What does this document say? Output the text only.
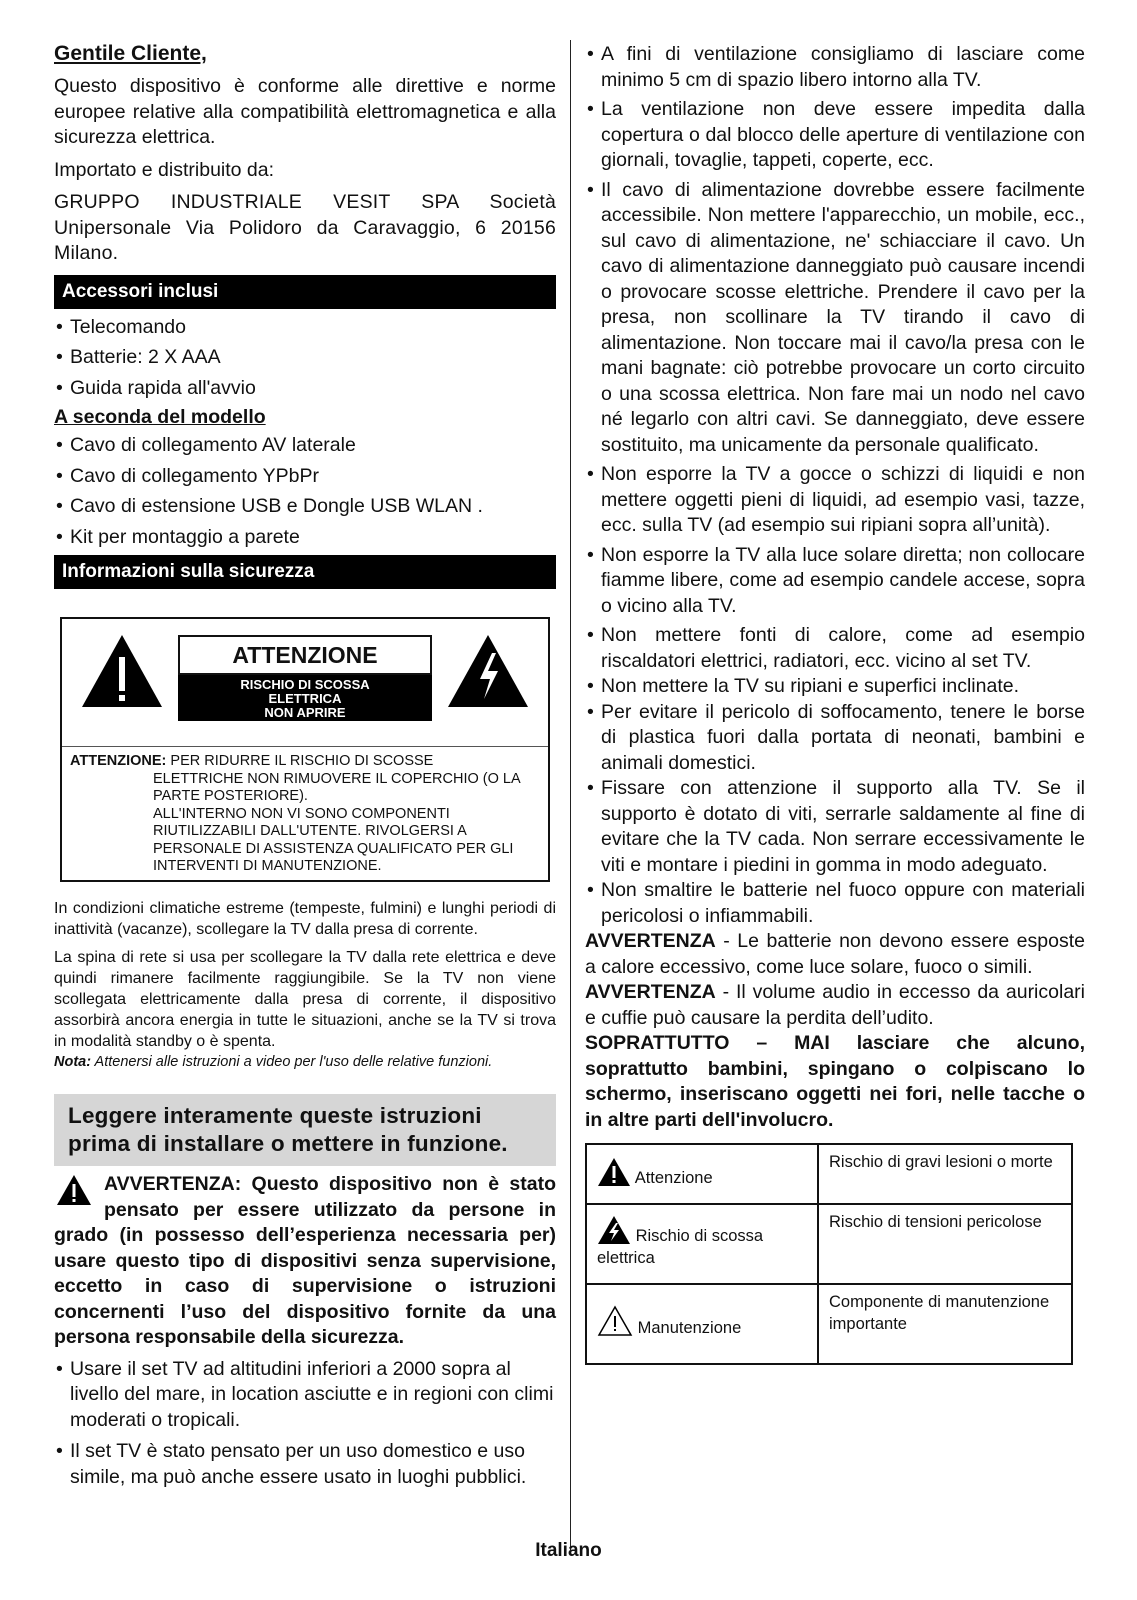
Gentile Cliente,

Questo dispositivo è conforme alle direttive e norme europee relative alla compatibilità elettromagnetica e alla sicurezza elettrica.

Importato e distribuito da:

GRUPPO INDUSTRIALE VESIT SPA Società Unipersonale Via Polidoro da Caravaggio, 6 20156 Milano.

Accessori inclusi
• Telecomando
• Batterie: 2 X AAA
• Guida rapida all'avvio
A seconda del modello
• Cavo di collegamento AV laterale
• Cavo di collegamento YPbPr
• Cavo di estensione USB e Dongle USB WLAN .
• Kit per montaggio a parete
Informazioni sulla sicurezza
ATTENZIONE
RISCHIO DI SCOSSA
ELETTRICA
NON APRIRE
ATTENZIONE: PER RIDURRE IL RISCHIO DI SCOSSE
ELETTRICHE NON RIMUOVERE IL COPERCHIO (O LA PARTE POSTERIORE).
ALL'INTERNO NON VI SONO COMPONENTI RIUTILIZZABILI DALL'UTENTE. RIVOLGERSI A PERSONALE DI ASSISTENZA QUALIFICATO PER GLI INTERVENTI DI MANUTENZIONE.

In condizioni climatiche estreme (tempeste, fulmini) e lunghi periodi di inattività (vacanze), scollegare la TV dalla presa di corrente.

La spina di rete si usa per scollegare la TV dalla rete elettrica e deve quindi rimanere facilmente raggiungibile. Se la TV non viene scollegata elettricamente dalla presa di corrente, il dispositivo assorbirà ancora energia in tutte le situazioni, anche se la TV si trova in modalità standby o è spenta.

Nota: Attenersi alle istruzioni a video per l'uso delle relative funzioni.

Leggere interamente queste istruzioni prima di installare o mettere in funzione.
AVVERTENZA: Questo dispositivo non è stato pensato per essere utilizzato da persone in grado (in possesso dell’esperienza necessaria per) usare questo tipo di dispositivi senza supervisione, eccetto in caso di supervisione o istruzioni concernenti l’uso del dispositivo fornite da una persona responsabile della sicurezza.
• Usare il set TV ad altitudini inferiori a 2000 sopra al livello del mare, in location asciutte e in regioni con climi moderati o tropicali.
• Il set TV è stato pensato per un uso domestico e uso simile, ma può anche essere usato in luoghi pubblici.
• A fini di ventilazione consigliamo di lasciare come minimo 5 cm di spazio libero intorno alla TV.
• La ventilazione non deve essere impedita dalla copertura o dal blocco delle aperture di ventilazione con giornali, tovaglie, tappeti, coperte, ecc.
• Il cavo di alimentazione dovrebbe essere facilmente accessibile. Non mettere l'apparecchio, un mobile, ecc., sul cavo di alimentazione, ne' schiacciare il cavo. Un cavo di alimentazione danneggiato può causare incendi o provocare scosse elettriche. Prendere il cavo per la presa, non scollinare la TV tirando il cavo di alimentazione. Non toccare mai il cavo/la presa con le mani bagnate: ciò potrebbe provocare un corto circuito o una scossa elettrica. Non fare mai un nodo nel cavo né legarlo con altri cavi. Se danneggiato, deve essere sostituito, ma unicamente da personale qualificato.
• Non esporre la TV a gocce o schizzi di liquidi e non mettere oggetti pieni di liquidi, ad esempio vasi, tazze, ecc. sulla TV (ad esempio sui ripiani sopra all’unità).
• Non esporre la TV alla luce solare diretta; non collocare fiamme libere, come ad esempio candele accese, sopra o vicino alla TV.
• Non mettere fonti di calore, come ad esempio riscaldatori elettrici, radiatori, ecc. vicino al set TV.
• Non mettere la TV su ripiani e superfici inclinate.
• Per evitare il pericolo di soffocamento, tenere le borse di plastica fuori dalla portata di neonati, bambini e animali domestici.
• Fissare con attenzione il supporto alla TV. Se il supporto è dotato di viti, serrarle saldamente al fine di evitare che la TV cada. Non serrare eccessivamente le viti e montare i piedini in gomma in modo adeguato.
• Non smaltire le batterie nel fuoco oppure con materiali pericolosi o infiammabili.

AVVERTENZA - Le batterie non devono essere esposte a calore eccessivo, come luce solare, fuoco o simili.

AVVERTENZA - Il volume audio in eccesso da auricolari e cuffie può causare la perdita dell’udito.

SOPRATTUTTO – MAI lasciare che alcuno, soprattutto bambini, spingano o colpiscano lo schermo, inseriscano oggetti nei fori, nelle tacche o in altre parti dell'involucro.

Attenzione	Rischio di gravi lesioni o morte

Rischio di scossa elettrica	Rischio di tensioni pericolose

Manutenzione	Componente di manutenzione importante
Italiano
